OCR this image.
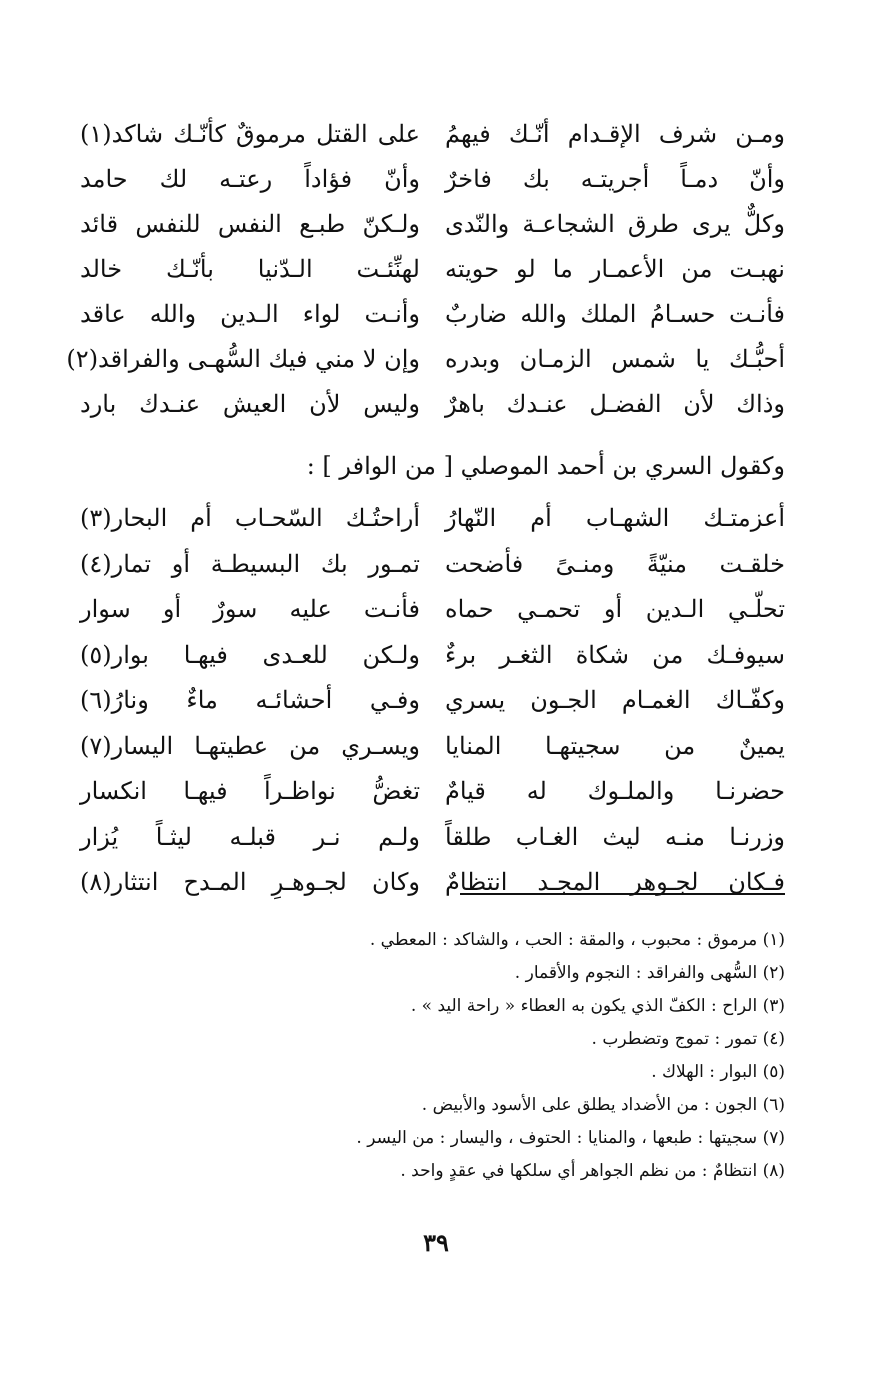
ومـن شرف الإقـدام أنّـك فيهمُ
على القتل مرموقٌ كأنّـك شاكد(١)
وأنّ دمـاً أجريتـه بك فاخرٌ
وأنّ فؤاداً رعتـه لك حامد
وكلٌّ يرى طرق الشجاعـة والنّدى
ولـكنّ طبـع النفس للنفس قائد
نهبـت من الأعمـار ما لو حويته
لهنِّئـت الـدّنيا بأنّـك خالد
فأنـت حسـامُ الملك والله ضاربٌ
وأنـت لواء الـدين والله عاقد
أحبُّـك يا شمس الزمـان وبدره
وإن لا مني فيك السُّهـى والفراقد(٢)
وذاك لأن الفضـل عنـدك باهرٌ
وليس لأن العيش عنـدك بارد
وكقول السري بن أحمد الموصلي [ من الوافر ] :
أعزمتـك الشهـاب أم النّهارُ
أراحتُـك السّحـاب أم البحار(٣)
خلقـت منيّةً ومنـىً فأضحت
تمـور بك البسيطـة أو تمار(٤)
تحلّـي الـدين أو تحمـي حماه
فأنـت عليه سورٌ أو سوار
سيوفـك من شكاة الثغـر برءٌ
ولـكن للعـدى فيهـا بوار(٥)
وكفّـاك الغمـام الجـون يسري
وفـي أحشائـه ماءٌ ونارُ(٦)
يمينٌ من سجيتهـا المنايا
ويسـري من عطيتهـا اليسار(٧)
حضرنـا والملـوك له قيامٌ
تغضُّ نواظـراً فيهـا انكسار
وزرنـا منـه ليث الغـاب طلقاً
ولـم نـر قبلـه ليثـاً يُزار
فـكان لجـوهر المجـد انتظامٌ
وكان لجـوهـرِ المـدح انتثار(٨)
(١) مرموق : محبوب ، والمقة : الحب ، والشاكد : المعطي .
(٢) السُّهى والفراقد : النجوم والأقمار .
(٣) الراح : الكفّ الذي يكون به العطاء « راحة اليد » .
(٤) تمور : تموج وتضطرب .
(٥) البوار : الهلاك .
(٦) الجون : من الأضداد يطلق على الأسود والأبيض .
(٧) سجيتها : طبعها ، والمنايا : الحتوف ، واليسار : من اليسر .
(٨) انتظامٌ : من نظم الجواهر أي سلكها في عقدٍ واحد .
٣٩
